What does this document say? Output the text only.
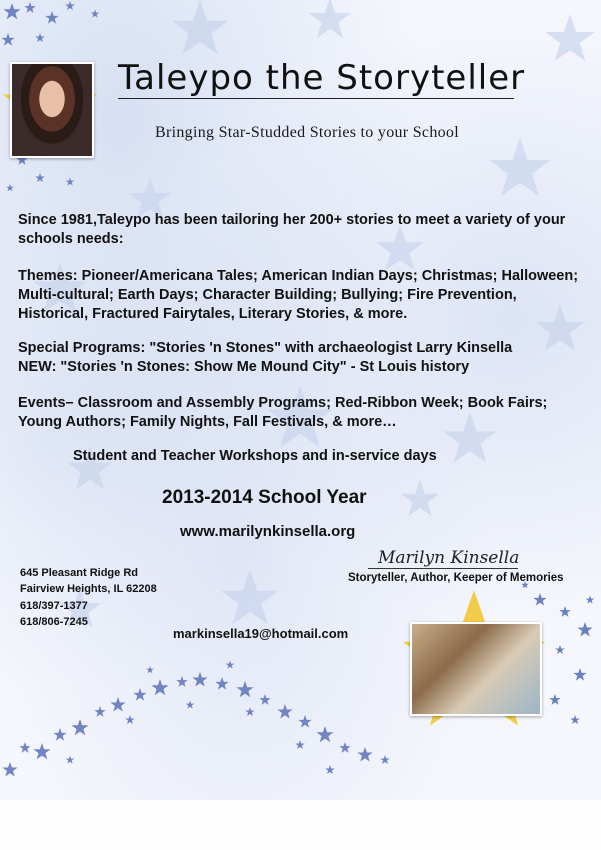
Taleypo the Storyteller
Bringing Star-Studded Stories to your School

Since 1981,Taleypo has been tailoring her 200+ stories to meet a variety of your schools needs:

Themes: Pioneer/Americana Tales; American Indian Days; Christmas; Halloween; Multi-cultural; Earth Days; Character Building; Bullying; Fire Prevention, Historical, Fractured Fairytales, Literary Stories, & more.

Special Programs: "Stories 'n Stones" with archaeologist Larry Kinsella

NEW: "Stories 'n Stones: Show Me Mound City" - St Louis history

Events– Classroom and Assembly Programs; Red-Ribbon Week; Book Fairs; Young Authors; Family Nights, Fall Festivals, & more…

Student and Teacher Workshops and in-service days
2013-2014 School Year
www.marilynkinsella.org
Marilyn Kinsella
Storyteller, Author, Keeper of Memories
645 Pleasant Ridge Rd
Fairview Heights, IL 62208
618/397-1377
618/806-7245
markinsella19@hotmail.com
